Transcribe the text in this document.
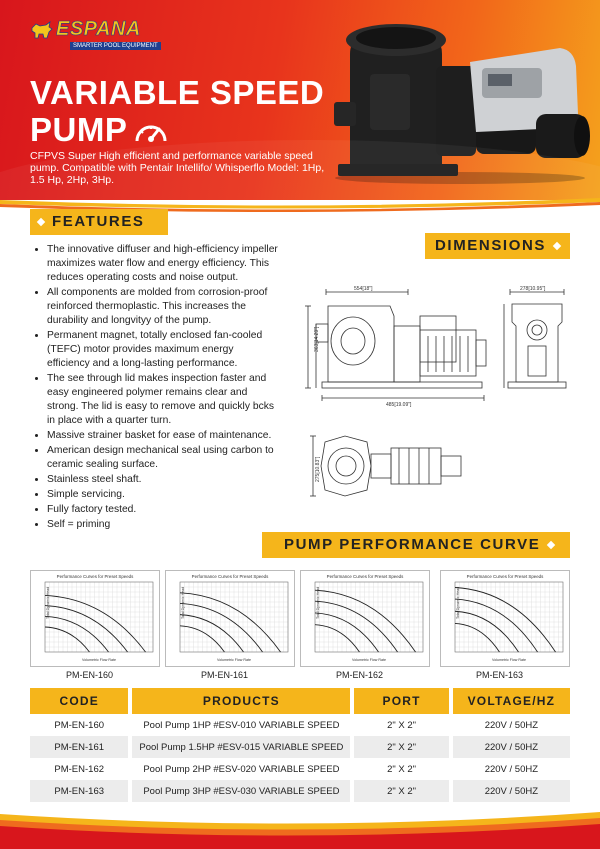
ESPANA
SMARTER POOL EQUIPMENT
VARIABLE SPEED
PUMP
CFPVS Super High efficient and performance variable speed pump. Compatible with Pentair Intellifo/ Whisperflo Model: 1Hp, 1.5 Hp, 2Hp, 3Hp.
FEATURES
• The innovative diffuser and high-efficiency impeller maximizes water flow and energy efficiency. This reduces operating costs and noise output.
• All components are molded from corrosion-proof reinforced thermoplastic. This increases the durability and longvityy of the pump.
• Permanent magnet, totally enclosed fan-cooled (TEFC) motor provides maximum energy efficiency and a long-lasting performance.
• The see through lid makes inspection faster and easy engineered polymer remains clear and strong. The lid is easy to remove and quickly bcks in place with a quarter turn.
• Massive strainer basket for ease of maintenance.
• American design mechanical seal using carbon to ceramic sealing surface.
• Stainless steel shaft.
• Simple servicing.
• Fully factory tested.
• Self = priming
DIMENSIONS
554[18"]
485[19.09"]
363[14.29"]
278[10.95"]
275[10.83"]
PUMP PERFORMANCE CURVE
Performance Curves for Preset Speeds
Total Dynamic Head
Volumetric Flow Rate
PM-EN-160
Performance Curves for Preset Speeds
Total Dynamic Head
Volumetric Flow Rate
PM-EN-161
Performance Curves for Preset Speeds
Total Dynamic Head
Volumetric Flow Rate
PM-EN-162
Performance Curves for Preset Speeds
Total Dynamic Head
Volumetric Flow Rate
PM-EN-163
CODE		PRODUCTS		PORT		VOLTAGE/HZ
PM-EN-160		Pool Pump 1HP #ESV-010 VARIABLE SPEED		2" X 2"		220V / 50HZ
PM-EN-161		Pool Pump 1.5HP #ESV-015 VARIABLE SPEED		2" X 2"		220V / 50HZ
PM-EN-162		Pool Pump 2HP #ESV-020 VARIABLE SPEED		2" X 2"		220V / 50HZ
PM-EN-163		Pool Pump 3HP #ESV-030 VARIABLE SPEED		2" X 2"		220V / 50HZ
